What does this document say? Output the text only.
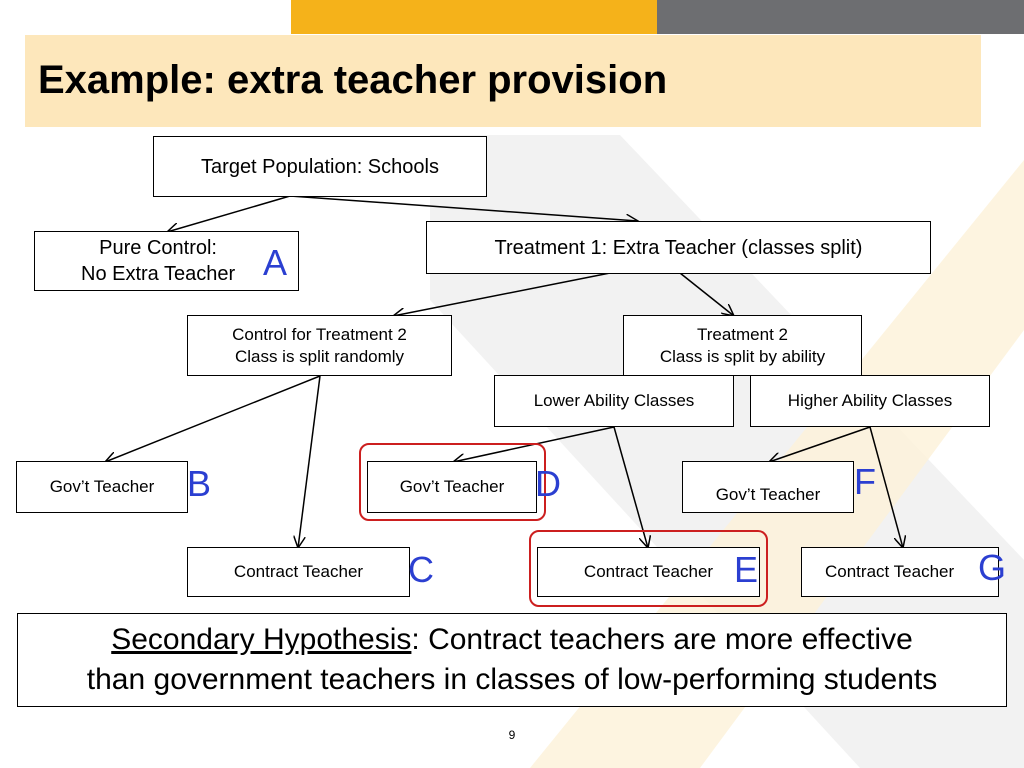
Example: extra teacher provision
Target Population: Schools
Pure Control:
No Extra Teacher A	Treatment 1: Extra Teacher (classes split)
Control for Treatment 2
Class is split randomly
Treatment 2
Class is split by ability
Lower Ability Classes	Higher Ability Classes
Gov’t Teacher B
Contract Teacher C
Gov’t Teacher D
Contract Teacher E
Gov’t Teacher F
Contract Teacher G
Secondary Hypothesis: Contract teachers are more effective
than government teachers in classes of low-performing students
9
